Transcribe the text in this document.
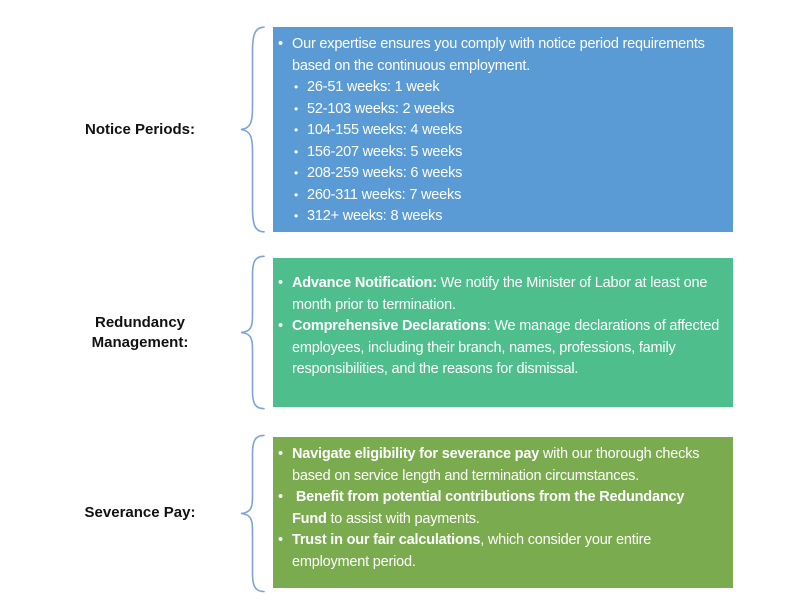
Notice Periods:
• Our expertise ensures you comply with notice period requirements based on the continuous employment.
• 26-51 weeks: 1 week
• 52-103 weeks: 2 weeks
• 104-155 weeks: 4 weeks
• 156-207 weeks: 5 weeks
• 208-259 weeks: 6 weeks
• 260-311 weeks: 7 weeks
• 312+ weeks: 8 weeks
Redundancy
Management:
• Advance Notification: We notify the Minister of Labor at least one month prior to termination.
• Comprehensive Declarations: We manage declarations of affected employees, including their branch, names, professions, family responsibilities, and the reasons for dismissal.
Severance Pay:
• Navigate eligibility for severance pay with our thorough checks based on service length and termination circumstances.
• Benefit from potential contributions from the Redundancy Fund to assist with payments.
• Trust in our fair calculations, which consider your entire employment period.
